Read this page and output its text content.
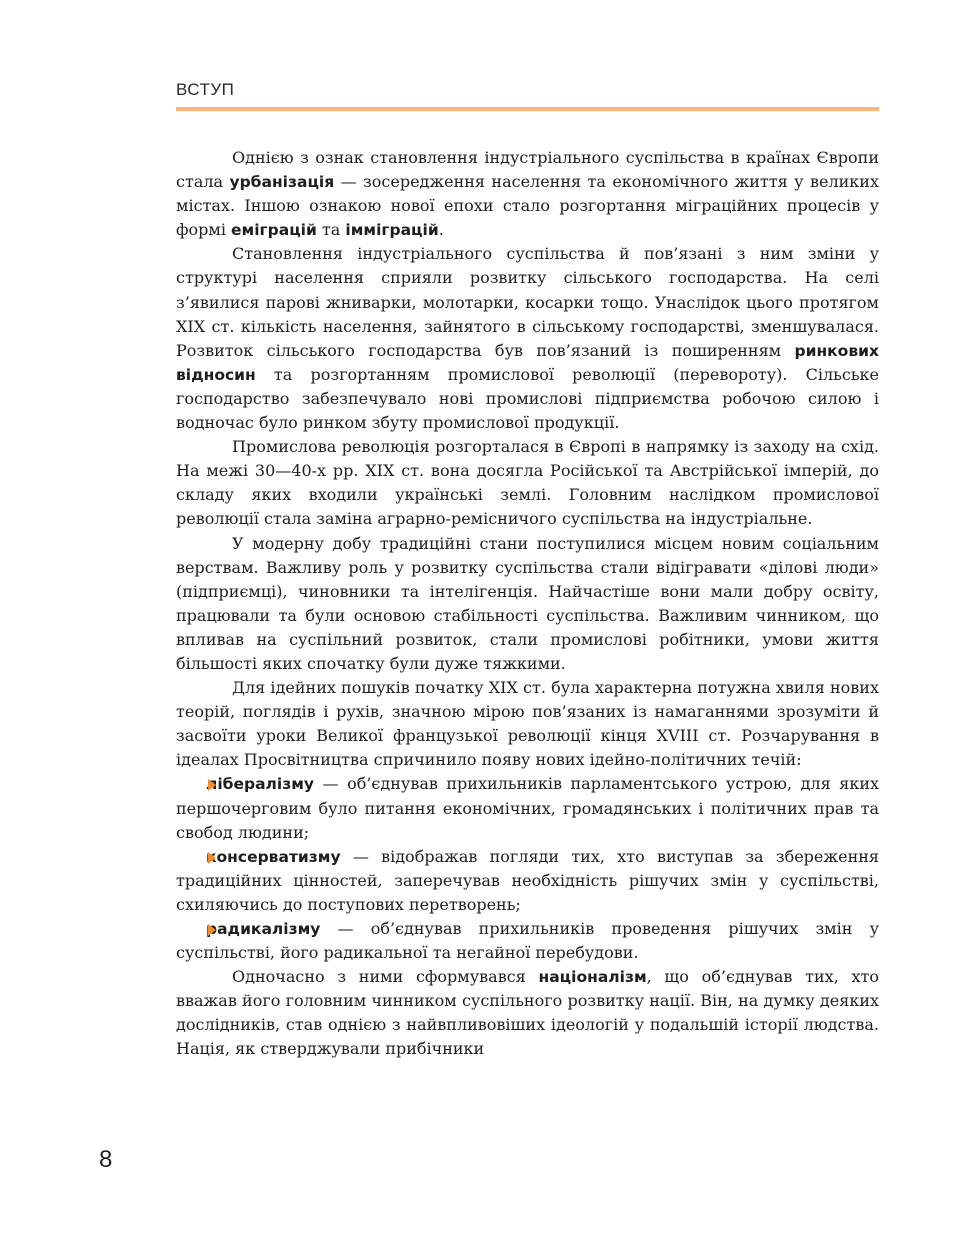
ВСТУП

Однією з ознак становлення індустріального суспільства в країнах Європи стала урбанізація — зосередження населення та економічного життя у великих містах. Іншою ознакою нової епохи стало розгортання міграційних процесів у формі еміграцій та імміграцій.

Становлення індустріального суспільства й пов’язані з ним зміни у структурі населення сприяли розвитку сільського господарства. На селі з’явилися парові жниварки, молотарки, косарки тощо. Унаслідок цього протягом XIX ст. кількість населення, зайнятого в сільському господарстві, зменшувалася. Розвиток сільського господарства був пов’язаний із поширенням ринкових відносин та розгортанням промислової революції (перевороту). Сільське господарство забезпечувало нові промислові підприємства робочою силою і водночас було ринком збуту промислової продукції.

Промислова революція розгорталася в Європі в напрямку із заходу на схід. На межі 30—40-х рр. XIX ст. вона досягла Російської та Австрійської імперій, до складу яких входили українські землі. Головним наслідком промислової революції стала заміна аграрно-ремісничого суспільства на індустріальне.

У модерну добу традиційні стани поступилися місцем новим соціальним верствам. Важливу роль у розвитку суспільства стали відігравати «ділові люди» (підприємці), чиновники та інтелігенція. Найчастіше вони мали добру освіту, працювали та були основою стабільності суспільства. Важливим чинником, що впливав на суспільний розвиток, стали промислові робітники, умови життя більшості яких спочатку були дуже тяжкими.

Для ідейних пошуків початку XIX ст. була характерна потужна хвиля нових теорій, поглядів і рухів, значною мірою пов’язаних із намаганнями зрозуміти й засвоїти уроки Великої французької революції кінця XVIII ст. Розчарування в ідеалах Просвітництва спричинило появу нових ідейно-політичних течій:

лібералізму — об’єднував прихильників парламентського устрою, для яких першочерговим було питання економічних, громадянських і політичних прав та свобод людини;

консерватизму — відображав погляди тих, хто виступав за збереження традиційних цінностей, заперечував необхідність рішучих змін у суспільстві, схиляючись до поступових перетворень;

радикалізму — об’єднував прихильників проведення рішучих змін у суспільстві, його радикальної та негайної перебудови.

Одночасно з ними сформувався націоналізм, що об’єднував тих, хто вважав його головним чинником суспільного розвитку нації. Він, на думку деяких дослідників, став однією з найвпливовіших ідеологій у подальшій історії людства. Нація, як стверджували прибічники

8
